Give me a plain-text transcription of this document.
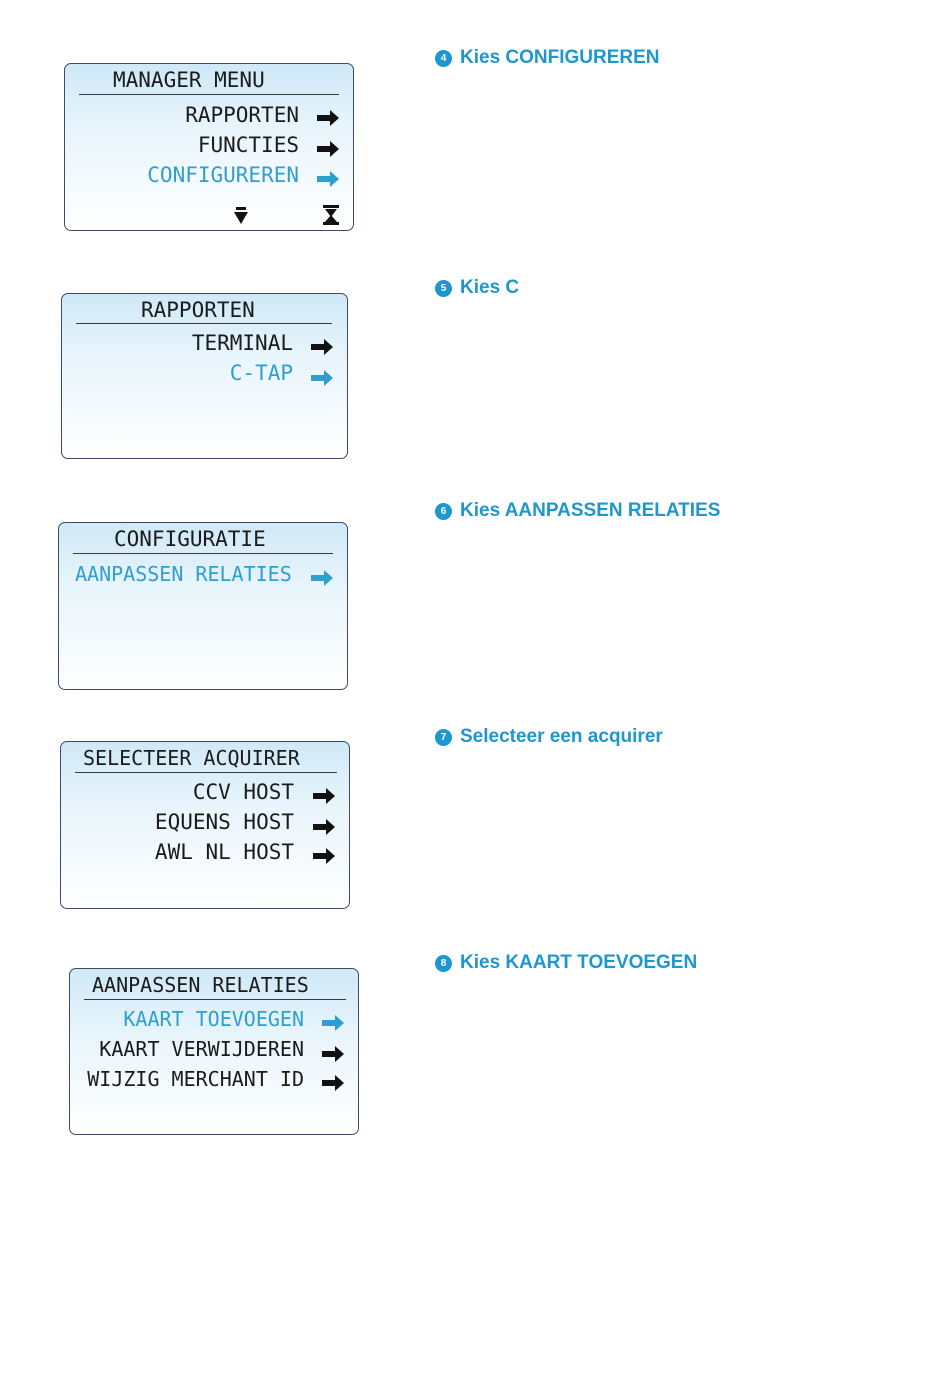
4 Kies CONFIGUREREN
5 Kies C
6 Kies AANPASSEN RELATIES
7 Selecteer een acquirer
8 Kies KAART TOEVOEGEN
MANAGER MENU
RAPPORTEN
FUNCTIES
CONFIGUREREN
RAPPORTEN
TERMINAL
C-TAP
CONFIGURATIE
AANPASSEN RELATIES
SELECTEER ACQUIRER
CCV HOST
EQUENS HOST
AWL NL HOST
AANPASSEN RELATIES
KAART TOEVOEGEN
KAART VERWIJDEREN
WIJZIG MERCHANT ID
